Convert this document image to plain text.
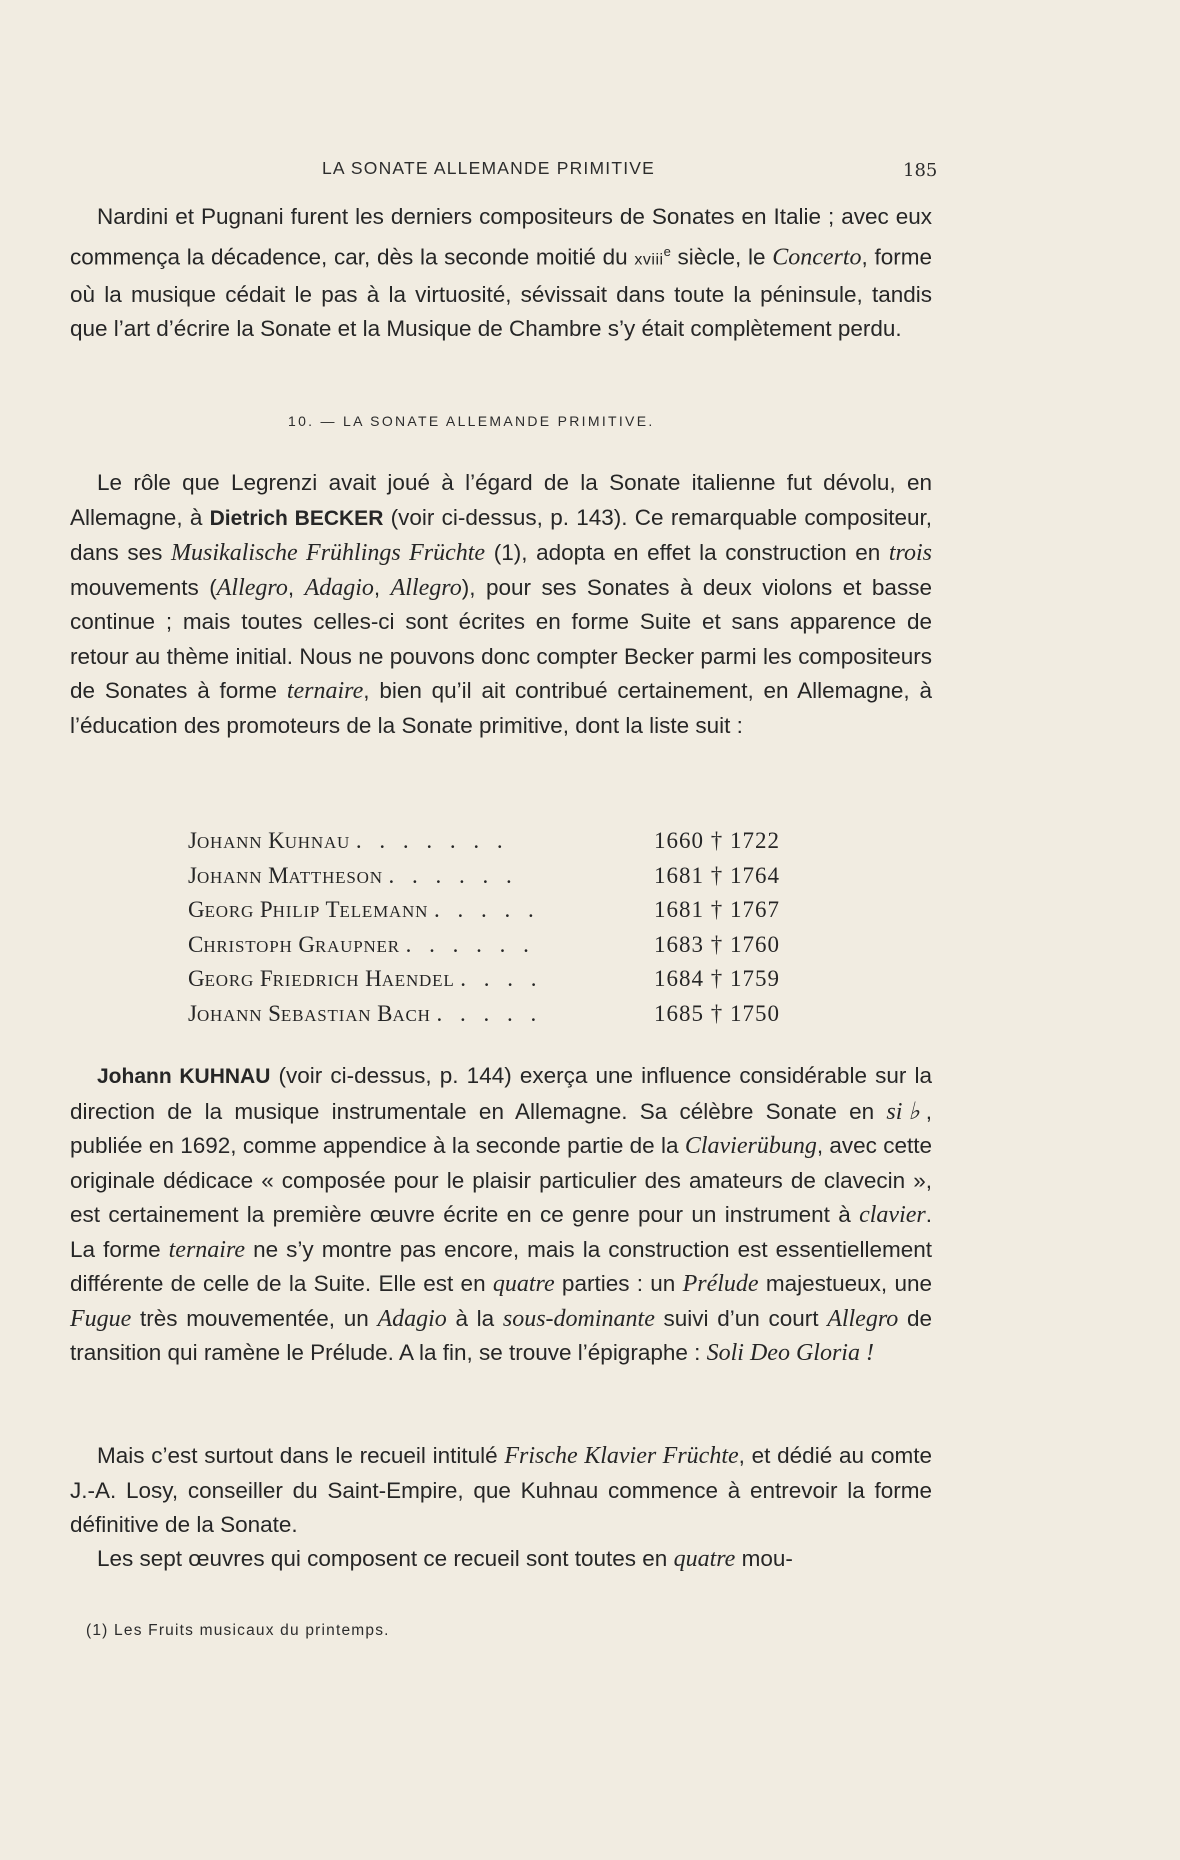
LA SONATE ALLEMANDE PRIMITIVE	185
Nardini et Pugnani furent les derniers compositeurs de Sonates en Italie ; avec eux commença la décadence, car, dès la seconde moitié du xviii$^e$ siècle, le Concerto, forme où la musique cédait le pas à la virtuosité, sévissait dans toute la péninsule, tandis que l’art d’écrire la Sonate et la Musique de Chambre s’y était complètement perdu.
10. — LA SONATE ALLEMANDE PRIMITIVE.
Le rôle que Legrenzi avait joué à l’égard de la Sonate italienne fut dévolu, en Allemagne, à Dietrich BECKER (voir ci-dessus, p. 143). Ce remarquable compositeur, dans ses Musikalische Frühlings Früchte (1), adopta en effet la construction en trois mouvements (Allegro, Adagio, Allegro), pour ses Sonates à deux violons et basse continue ; mais toutes celles-ci sont écrites en forme Suite et sans apparence de retour au thème initial. Nous ne pouvons donc compter Becker parmi les compositeurs de Sonates à forme ternaire, bien qu’il ait contribué certainement, en Allemagne, à l’éducation des promoteurs de la Sonate primitive, dont la liste suit :
JOHANN KUHNAU . . . . . . .	1660 † 1722
JOHANN MATTHESON . . . . . .	1681 † 1764
GEORG PHILIP TELEMANN . . . . .	1681 † 1767
CHRISTOPH GRAUPNER . . . . . .	1683 † 1760
GEORG FRIEDRICH HAENDEL . . . .	1684 † 1759
JOHANN SEBASTIAN BACH . . . . .	1685 † 1750
Johann KUHNAU (voir ci-dessus, p. 144) exerça une influence considérable sur la direction de la musique instrumentale en Allemagne. Sa célèbre Sonate en si♭, publiée en 1692, comme appendice à la seconde partie de la Clavierübung, avec cette originale dédicace « composée pour le plaisir particulier des amateurs de clavecin », est certainement la première œuvre écrite en ce genre pour un instrument à clavier. La forme ternaire ne s’y montre pas encore, mais la construction est essentiellement différente de celle de la Suite. Elle est en quatre parties : un Prélude majestueux, une Fugue très mouvementée, un Adagio à la sous-dominante suivi d’un court Allegro de transition qui ramène le Prélude. A la fin, se trouve l’épigraphe : Soli Deo Gloria !
Mais c’est surtout dans le recueil intitulé Frische Klavier Früchte, et dédié au comte J.-A. Losy, conseiller du Saint-Empire, que Kuhnau commence à entrevoir la forme définitive de la Sonate.
Les sept œuvres qui composent ce recueil sont toutes en quatre mou-
(1) Les Fruits musicaux du printemps.
